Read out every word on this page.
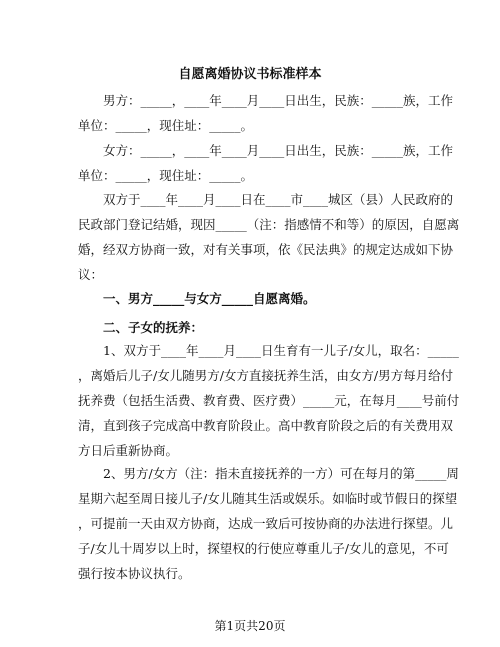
自愿离婚协议书标准样本
　　男方：_____，____年____月____日出生，民族：_____族，工作
单位：_____，现住址：_____。
　　女方：_____，____年____月____日出生，民族：_____族，工作
单位：_____，现住址：_____。
　　双方于____年____月____日在____市____城区（县）人民政府的
民政部门登记结婚，现因_____（注：指感情不和等）的原因，自愿离
婚，经双方协商一致，对有关事项，依《民法典》的规定达成如下协
议：
　　一、男方_____与女方_____自愿离婚。
　　二、子女的抚养：
　　1、双方于____年____月____日生育有一儿子/女儿，取名：_____
，离婚后儿子/女儿随男方/女方直接抚养生活，由女方/男方每月给付
抚养费（包括生活费、教育费、医疗费）_____元，在每月____号前付
清，直到孩子完成高中教育阶段止。高中教育阶段之后的有关费用双
方日后重新协商。
　　2、男方/女方（注：指未直接抚养的一方）可在每月的第_____周
星期六起至周日接儿子/女儿随其生活或娱乐。如临时或节假日的探望
，可提前一天由双方协商，达成一致后可按协商的办法进行探望。儿
子/女儿十周岁以上时，探望权的行使应尊重儿子/女儿的意见，不可
强行按本协议执行。
第1页共20页
